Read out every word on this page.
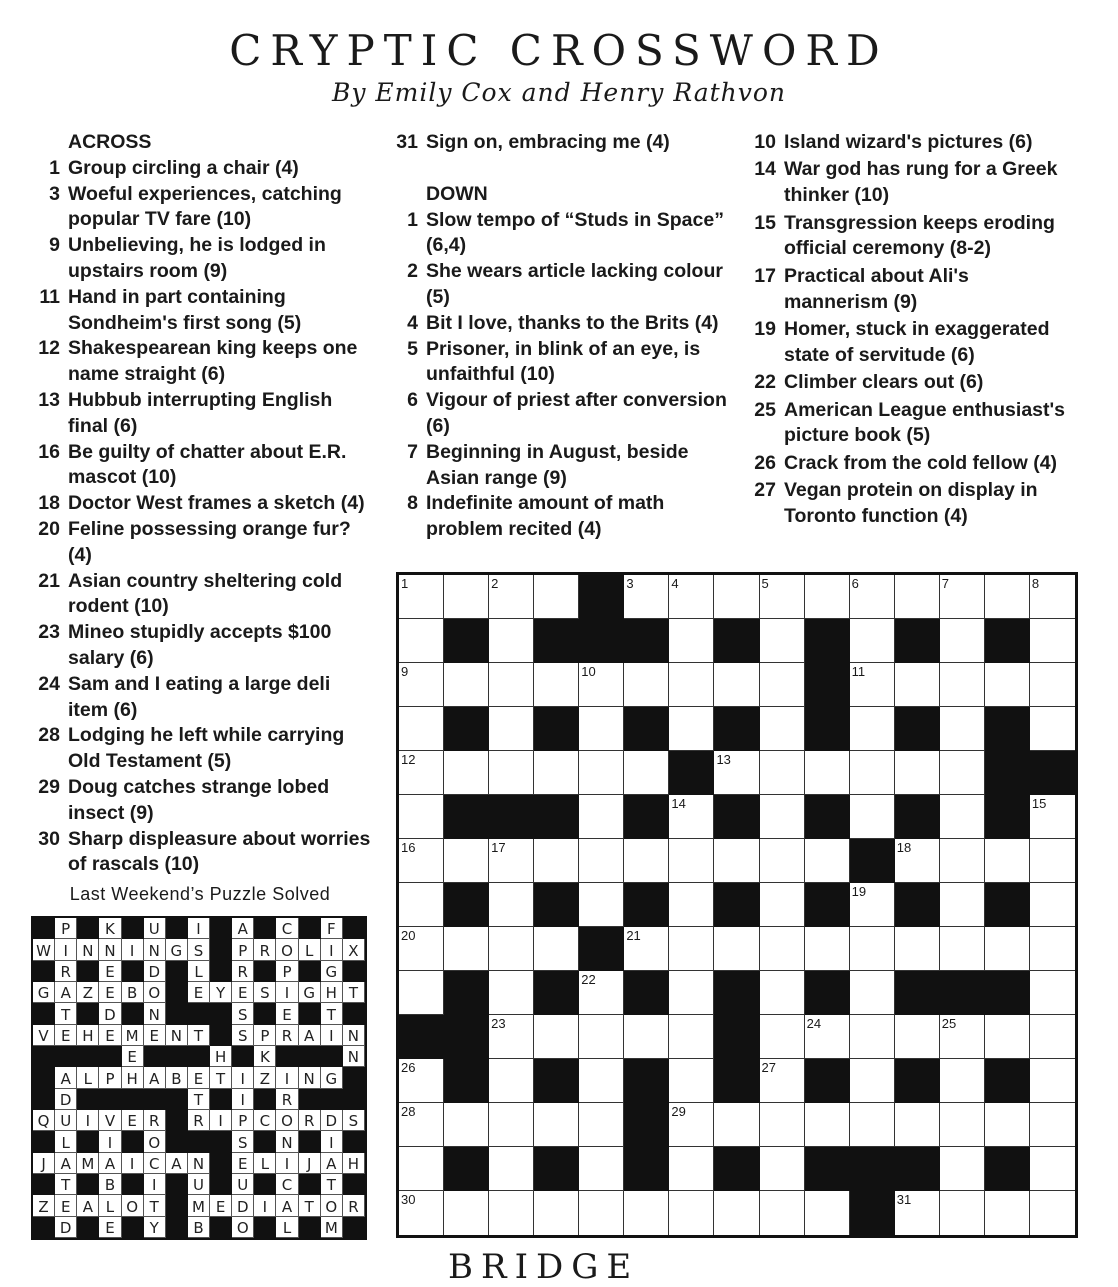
CRYPTIC CROSSWORD
By Emily Cox and Henry Rathvon
ACROSS
1 Group circling a chair (4)
3 Woeful experiences, catching popular TV fare (10)
9 Unbelieving, he is lodged in upstairs room (9)
11 Hand in part containing Sondheim's first song (5)
12 Shakespearean king keeps one name straight (6)
13 Hubbub interrupting English final (6)
16 Be guilty of chatter about E.R. mascot (10)
18 Doctor West frames a sketch (4)
20 Feline possessing orange fur? (4)
21 Asian country sheltering cold rodent (10)
23 Mineo stupidly accepts $100 salary (6)
24 Sam and I eating a large deli item (6)
28 Lodging he left while carrying Old Testament (5)
29 Doug catches strange lobed insect (9)
30 Sharp displeasure about worries of rascals (10)
31 Sign on, embracing me (4)
DOWN
1 Slow tempo of “Studs in Space” (6,4)
2 She wears article lacking colour (5)
4 Bit I love, thanks to the Brits (4)
5 Prisoner, in blink of an eye, is unfaithful (10)
6 Vigour of priest after conversion (6)
7 Beginning in August, beside Asian range (9)
8 Indefinite amount of math problem recited (4)
10 Island wizard's pictures (6)
14 War god has rung for a Greek thinker (10)
15 Transgression keeps eroding official ceremony (8-2)
17 Practical about Ali's mannerism (9)
19 Homer, stuck in exaggerated state of servitude (6)
22 Climber clears out (6)
25 American League enthusiast's picture book (5)
26 Crack from the cold fellow (4)
27 Vegan protein on display in Toronto function (4)
Last Weekend’s Puzzle Solved
P	K	U	I	A	C	F
W I N N I N G S	P R O L	I X
R	E	D	L	R	P	G
G A Z E B O	E Y E S	I G H T
T	D	N	S	E	T
V E H E M E N T	S P R A I N
E	H	K	N
A L P H A B E T	I Z I N G
D	T	I	R
Q U I V E R	R I	P C O R D S
L	I	O	S	N	I
J A M A I C A N	E L	I	J A H
T	B	I	U	U	C	T
Z E A L O T	M E D I A T O R
D	E	Y	B	O	L	M
1	2	3	4	5	6	7	8
9	10	11
12	13
14	15
16	17	18
19
20	21
22
23	24	25
26	27
28	29
30	31
BRIDGE
